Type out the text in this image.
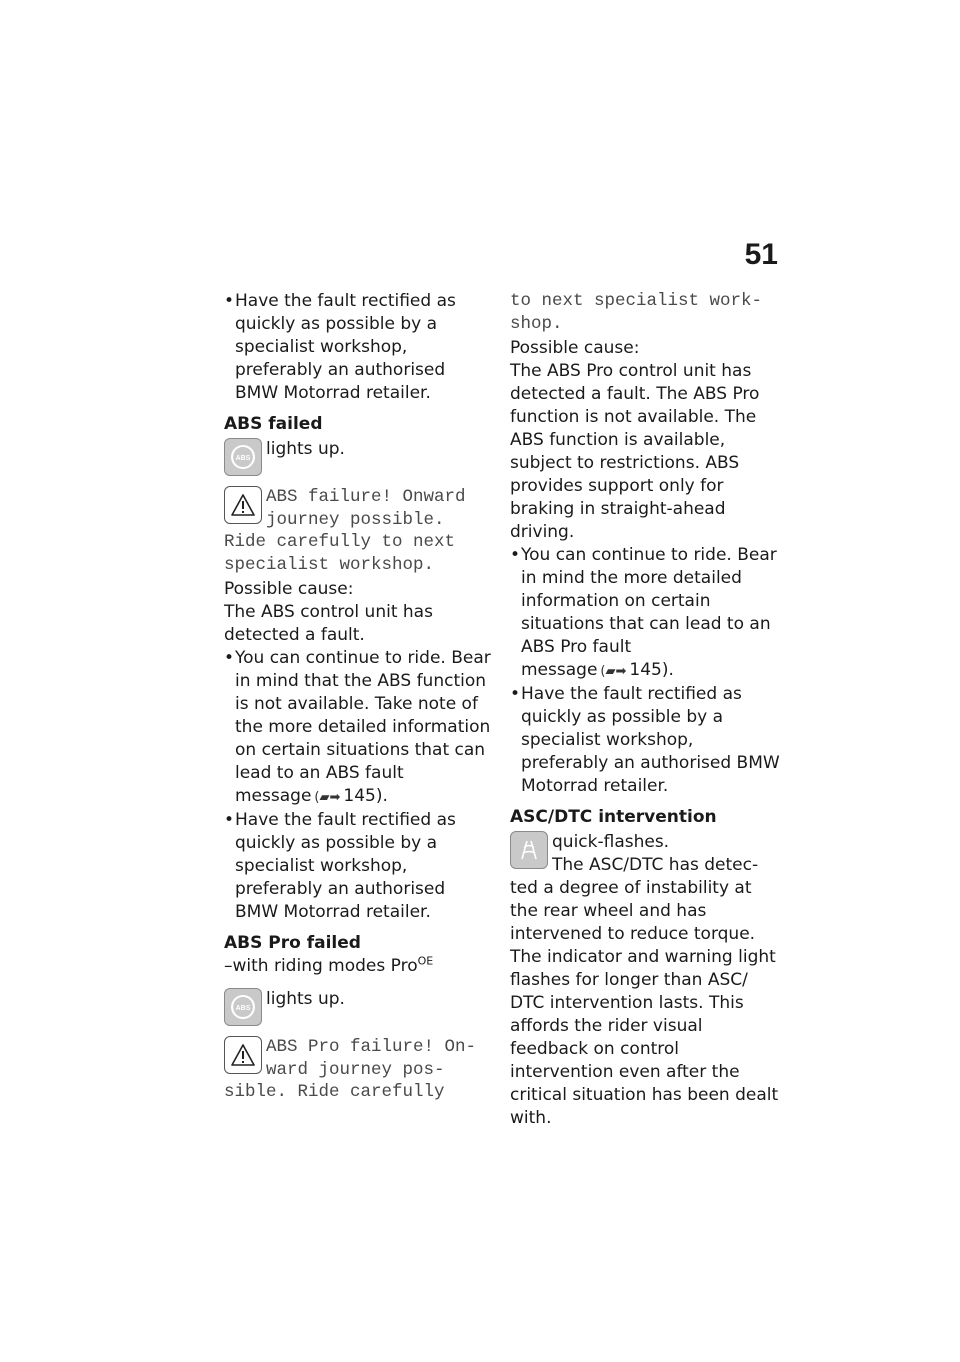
51

• Have the fault rectified as quickly as possible by a specialist workshop, preferably an authorised BMW Motorrad retailer.

ABS failed

ABS lights up.

ABS failure! Onward

journey possible.

Ride carefully to next

specialist workshop.

Possible cause:

The ABS control unit has detected a fault.

• You can continue to ride. Bear in mind that the ABS function is not available. Take note of the more detailed information on certain situations that can lead to an ABS fault message (▰➡ 145).

• Have the fault rectified as quickly as possible by a specialist workshop, preferably an authorised BMW Motorrad retailer.

ABS Pro failed

–with riding modes Pro$^{OE}$

ABS lights up.

ABS Pro failure! On-

ward journey pos-

sible. Ride carefully

to next specialist work-

shop.

Possible cause:

The ABS Pro control unit has detected a fault. The ABS Pro function is not available. The ABS function is available, subject to restrictions. ABS provides support only for braking in straight-ahead driving.

• You can continue to ride. Bear in mind the more detailed information on certain situations that can lead to an ABS Pro fault message (▰➡ 145).

• Have the fault rectified as quickly as possible by a specialist workshop, preferably an authorised BMW Motorrad retailer.

ASC/DTC intervention

quick-flashes.

The ASC/DTC has detec-

ted a degree of instability at the rear wheel and has intervened to reduce torque. The indicator and warning light flashes for longer than ASC/ DTC intervention lasts. This affords the rider visual feedback on control intervention even after the critical situation has been dealt with.
